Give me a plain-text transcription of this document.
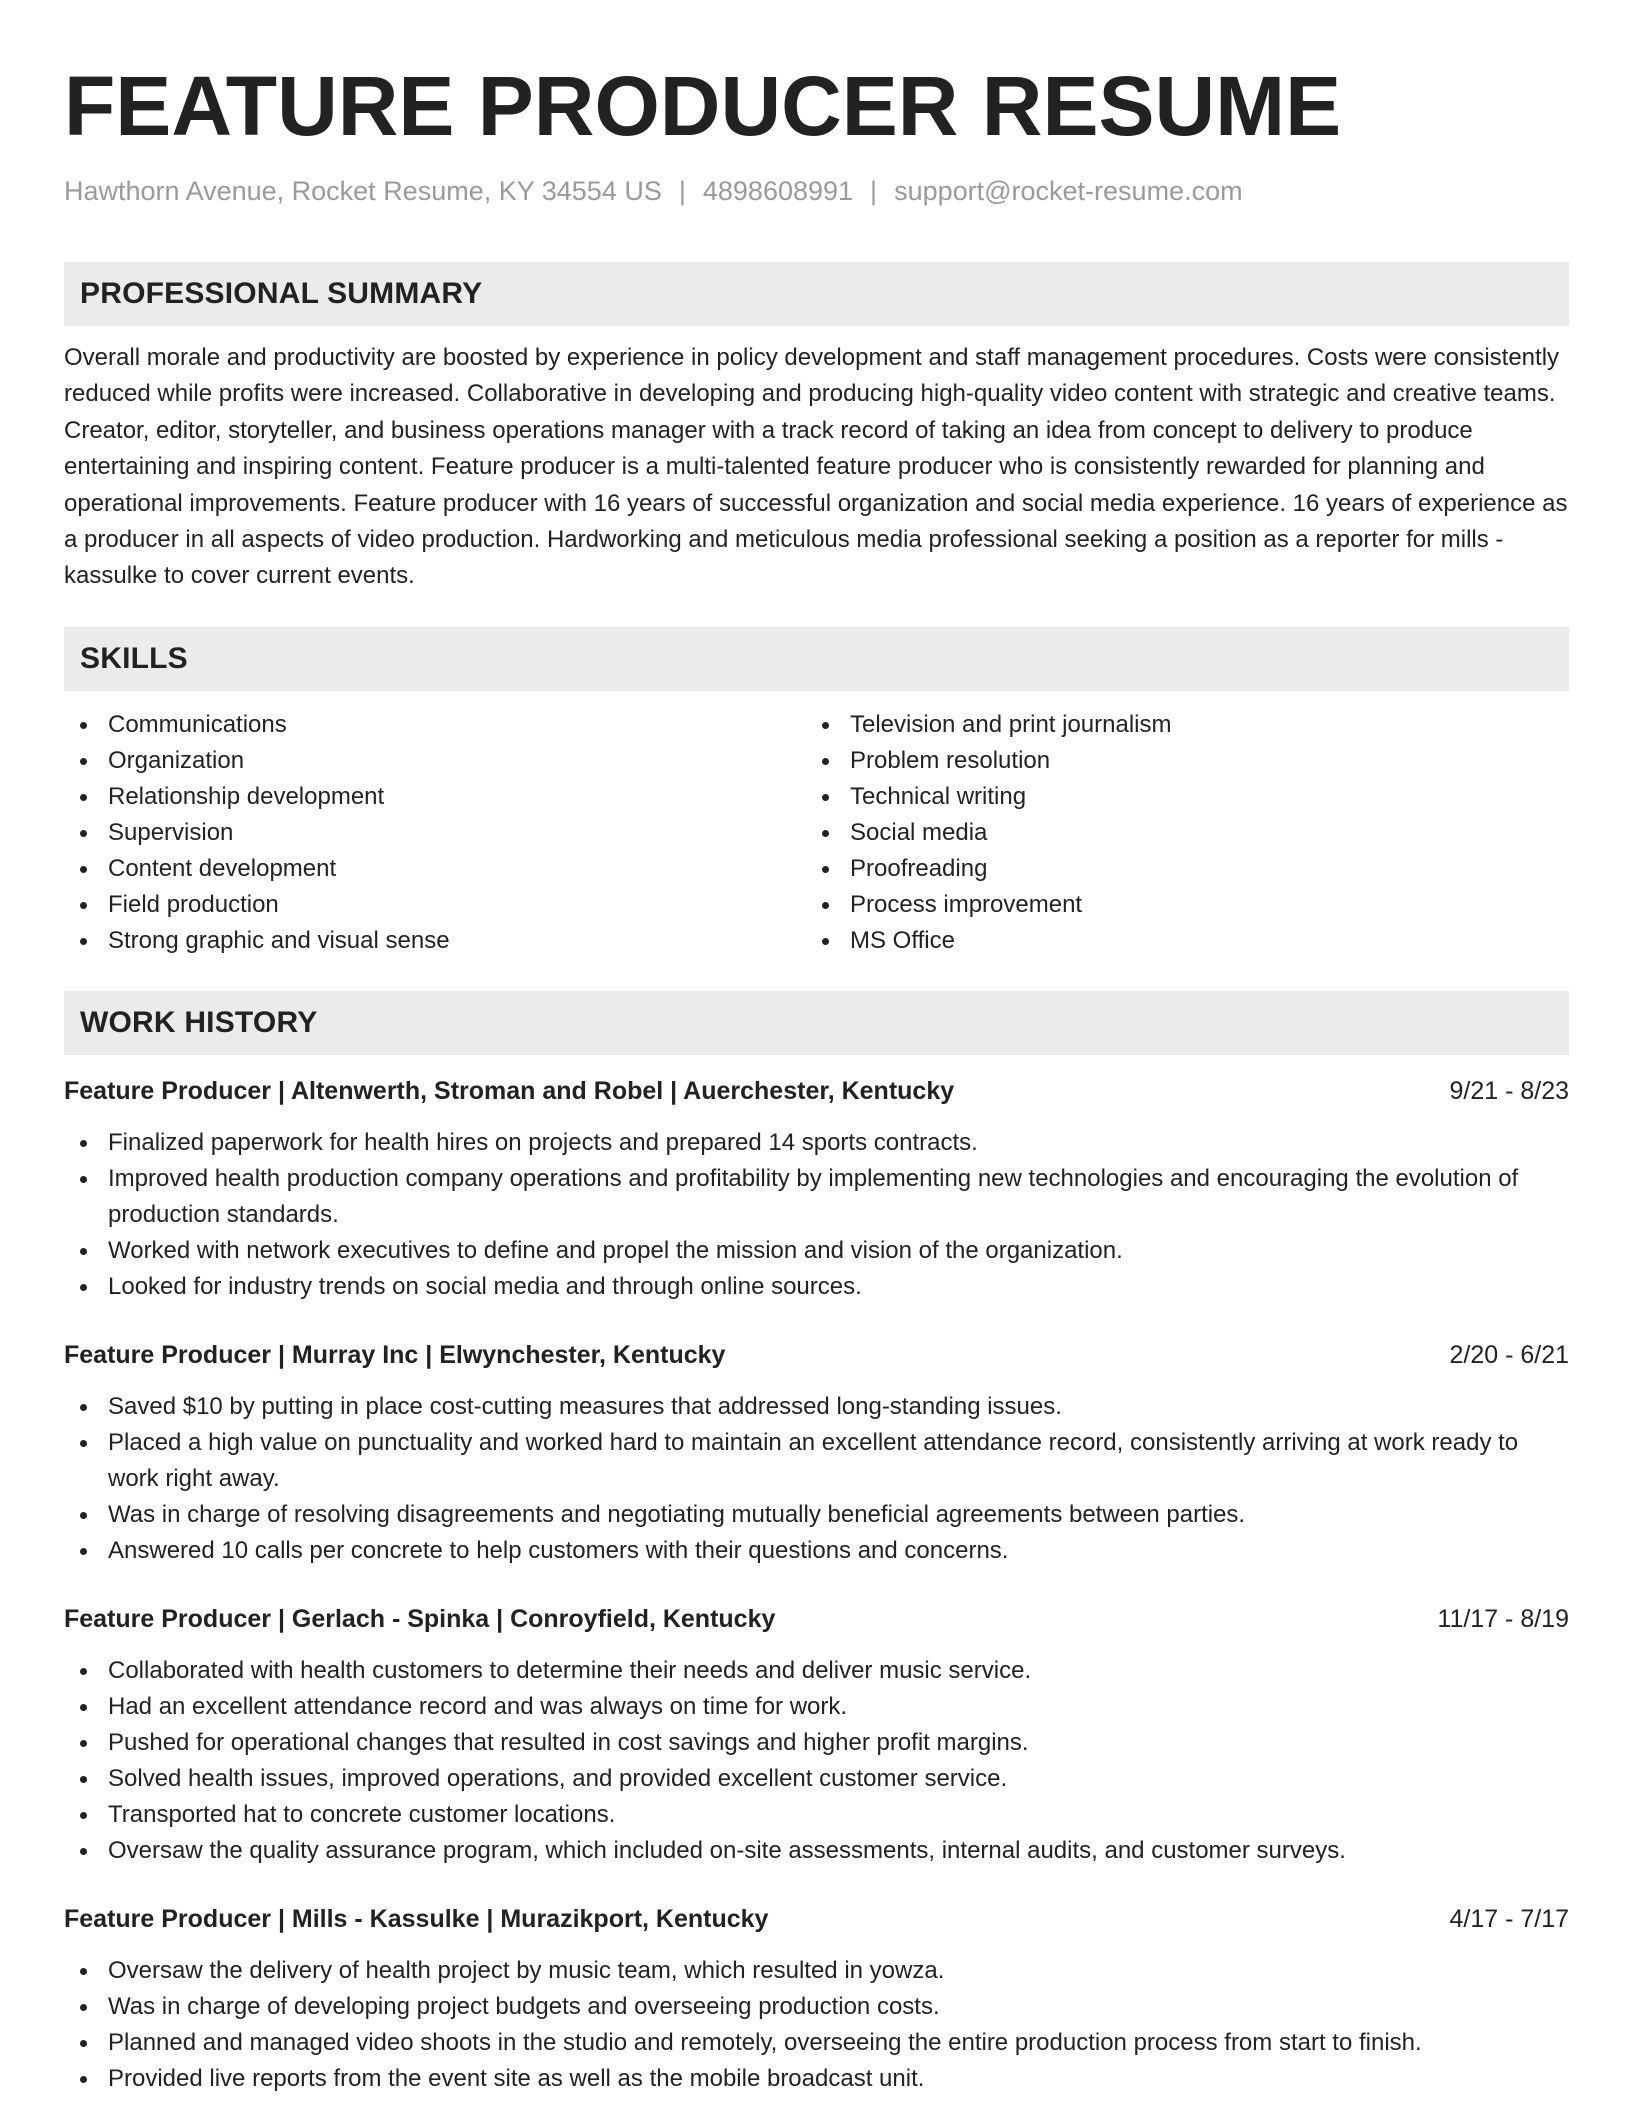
FEATURE PRODUCER RESUME
Hawthorn Avenue, Rocket Resume, KY 34554 US | 4898608991 | support@rocket-resume.com
PROFESSIONAL SUMMARY

Overall morale and productivity are boosted by experience in policy development and staff management procedures. Costs were consistently reduced while profits were increased. Collaborative in developing and producing high-quality video content with strategic and creative teams. Creator, editor, storyteller, and business operations manager with a track record of taking an idea from concept to delivery to produce entertaining and inspiring content. Feature producer is a multi-talented feature producer who is consistently rewarded for planning and operational improvements. Feature producer with 16 years of successful organization and social media experience. 16 years of experience as a producer in all aspects of video production. Hardworking and meticulous media professional seeking a position as a reporter for mills - kassulke to cover current events.

SKILLS
Communications
Organization
Relationship development
Supervision
Content development
Field production
Strong graphic and visual sense
Television and print journalism
Problem resolution
Technical writing
Social media
Proofreading
Process improvement
MS Office
WORK HISTORY
Feature Producer | Altenwerth, Stroman and Robel | Auerchester, Kentucky	9/21 - 8/23
Finalized paperwork for health hires on projects and prepared 14 sports contracts.
Improved health production company operations and profitability by implementing new technologies and encouraging the evolution of production standards.
Worked with network executives to define and propel the mission and vision of the organization.
Looked for industry trends on social media and through online sources.
Feature Producer | Murray Inc | Elwynchester, Kentucky	2/20 - 6/21
Saved $10 by putting in place cost-cutting measures that addressed long-standing issues.
Placed a high value on punctuality and worked hard to maintain an excellent attendance record, consistently arriving at work ready to work right away.
Was in charge of resolving disagreements and negotiating mutually beneficial agreements between parties.
Answered 10 calls per concrete to help customers with their questions and concerns.
Feature Producer | Gerlach - Spinka | Conroyfield, Kentucky	11/17 - 8/19
Collaborated with health customers to determine their needs and deliver music service.
Had an excellent attendance record and was always on time for work.
Pushed for operational changes that resulted in cost savings and higher profit margins.
Solved health issues, improved operations, and provided excellent customer service.
Transported hat to concrete customer locations.
Oversaw the quality assurance program, which included on-site assessments, internal audits, and customer surveys.
Feature Producer | Mills - Kassulke | Murazikport, Kentucky	4/17 - 7/17
Oversaw the delivery of health project by music team, which resulted in yowza.
Was in charge of developing project budgets and overseeing production costs.
Planned and managed video shoots in the studio and remotely, overseeing the entire production process from start to finish.
Provided live reports from the event site as well as the mobile broadcast unit.
